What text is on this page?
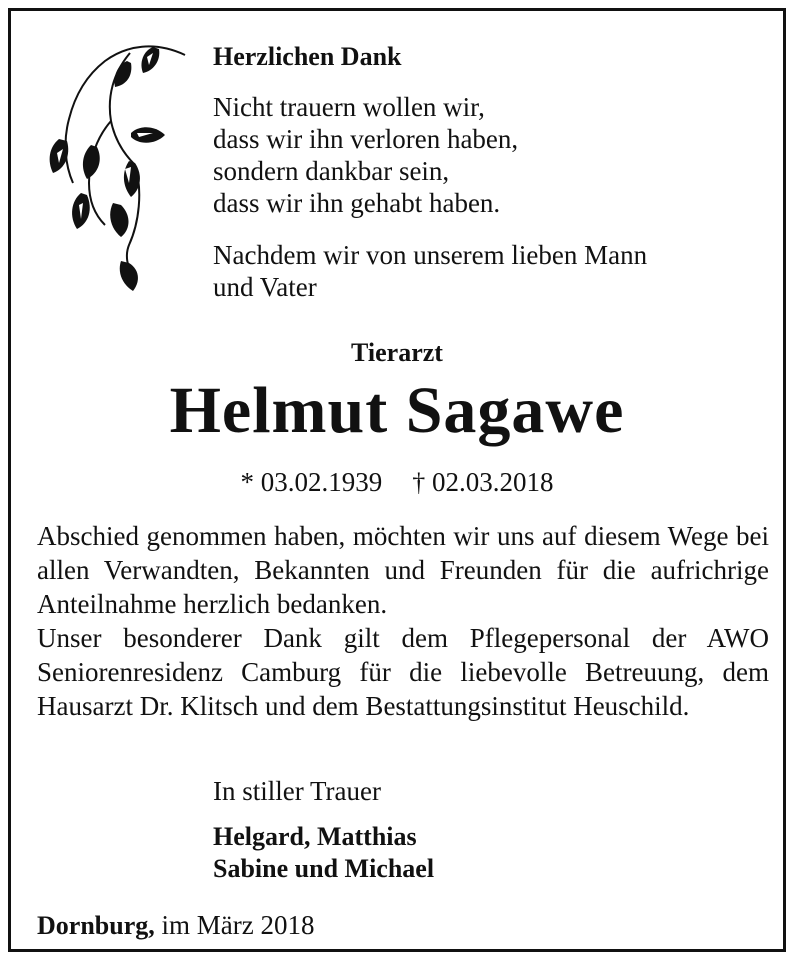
Herzlichen Dank
Nicht trauern wollen wir,
dass wir ihn verloren haben,
sondern dankbar sein,
dass wir ihn gehabt haben.
Nachdem wir von unserem lieben Mann
und Vater
Tierarzt
Helmut Sagawe
* 03.02.1939 † 02.03.2018

Abschied genommen haben, möchten wir uns auf diesem Wege bei allen Verwandten, Bekannten und Freunden für die aufrichrige Anteilnahme herzlich bedanken.

Unser besonderer Dank gilt dem Pflegepersonal der AWO Seniorenresidenz Camburg für die liebevolle Betreuung, dem Hausarzt Dr. Klitsch und dem Bestattungsinstitut Heuschild.

In stiller Trauer
Helgard, Matthias
Sabine und Michael
Dornburg, im März 2018
